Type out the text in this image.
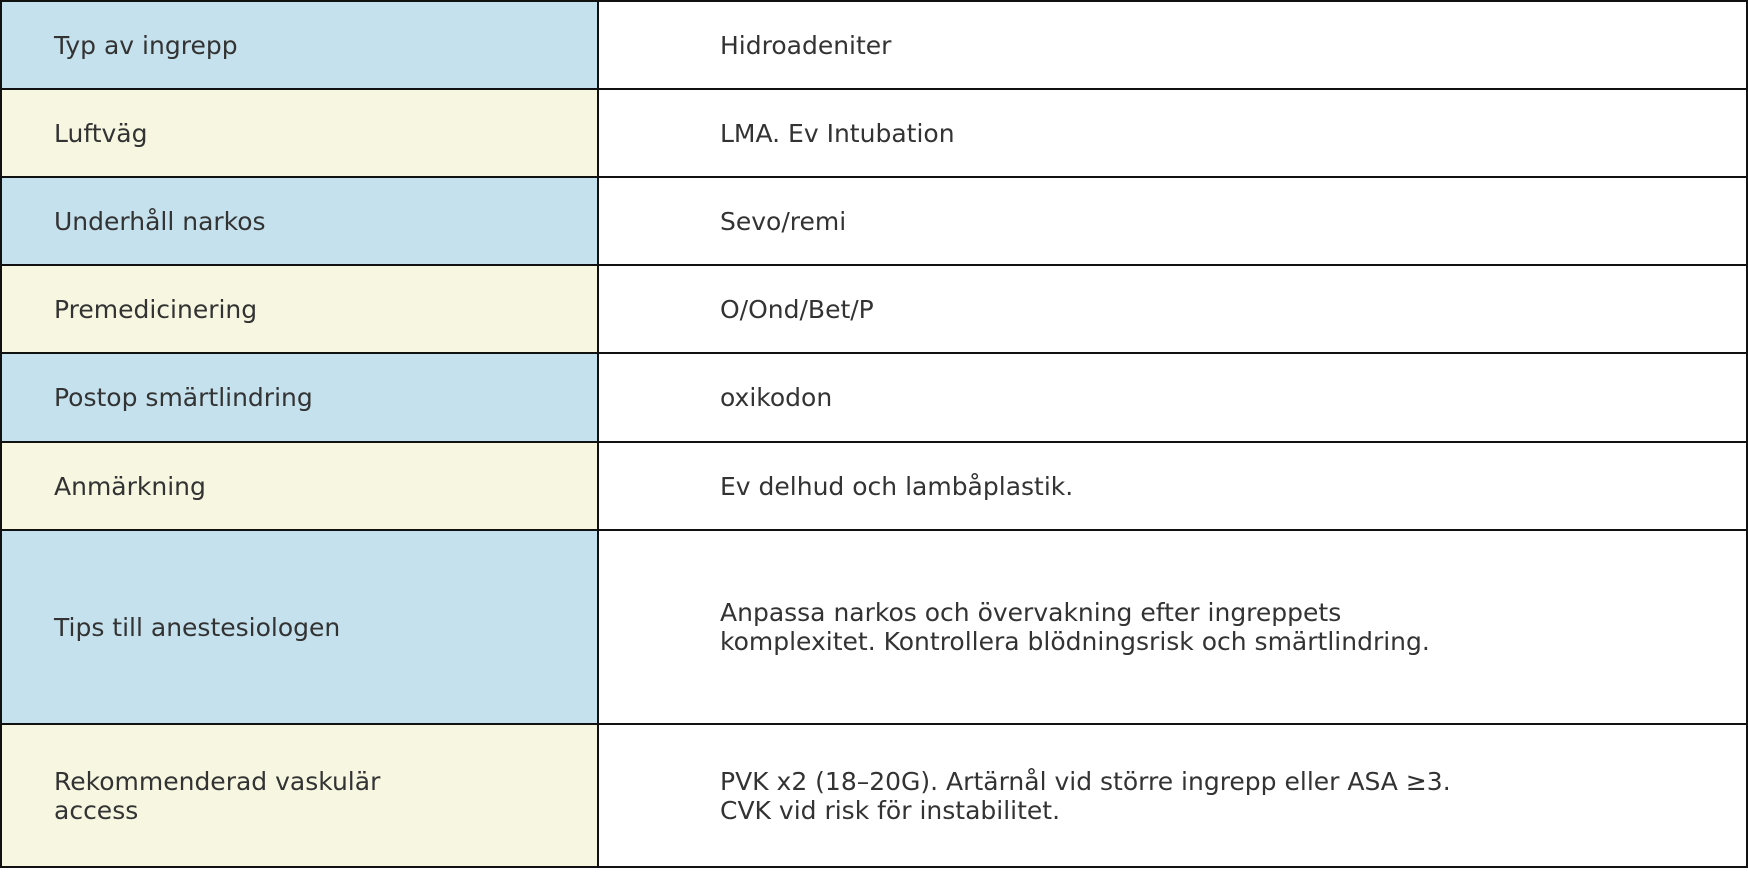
Typ av ingrepp	Hidroadeniter

Luftväg	LMA. Ev Intubation

Underhåll narkos	Sevo/remi

Premedicinering	O/Ond/Bet/P

Postop smärtlindring	oxikodon

Anmärkning	Ev delhud och lambåplastik.

Tips till anestesiologen	Anpassa narkos och övervakning efter ingreppets komplexitet. Kontrollera blödningsrisk och smärtlindring.

Rekommenderad vaskulär access	PVK x2 (18–20G). Artärnål vid större ingrepp eller ASA ≥3. CVK vid risk för instabilitet.
